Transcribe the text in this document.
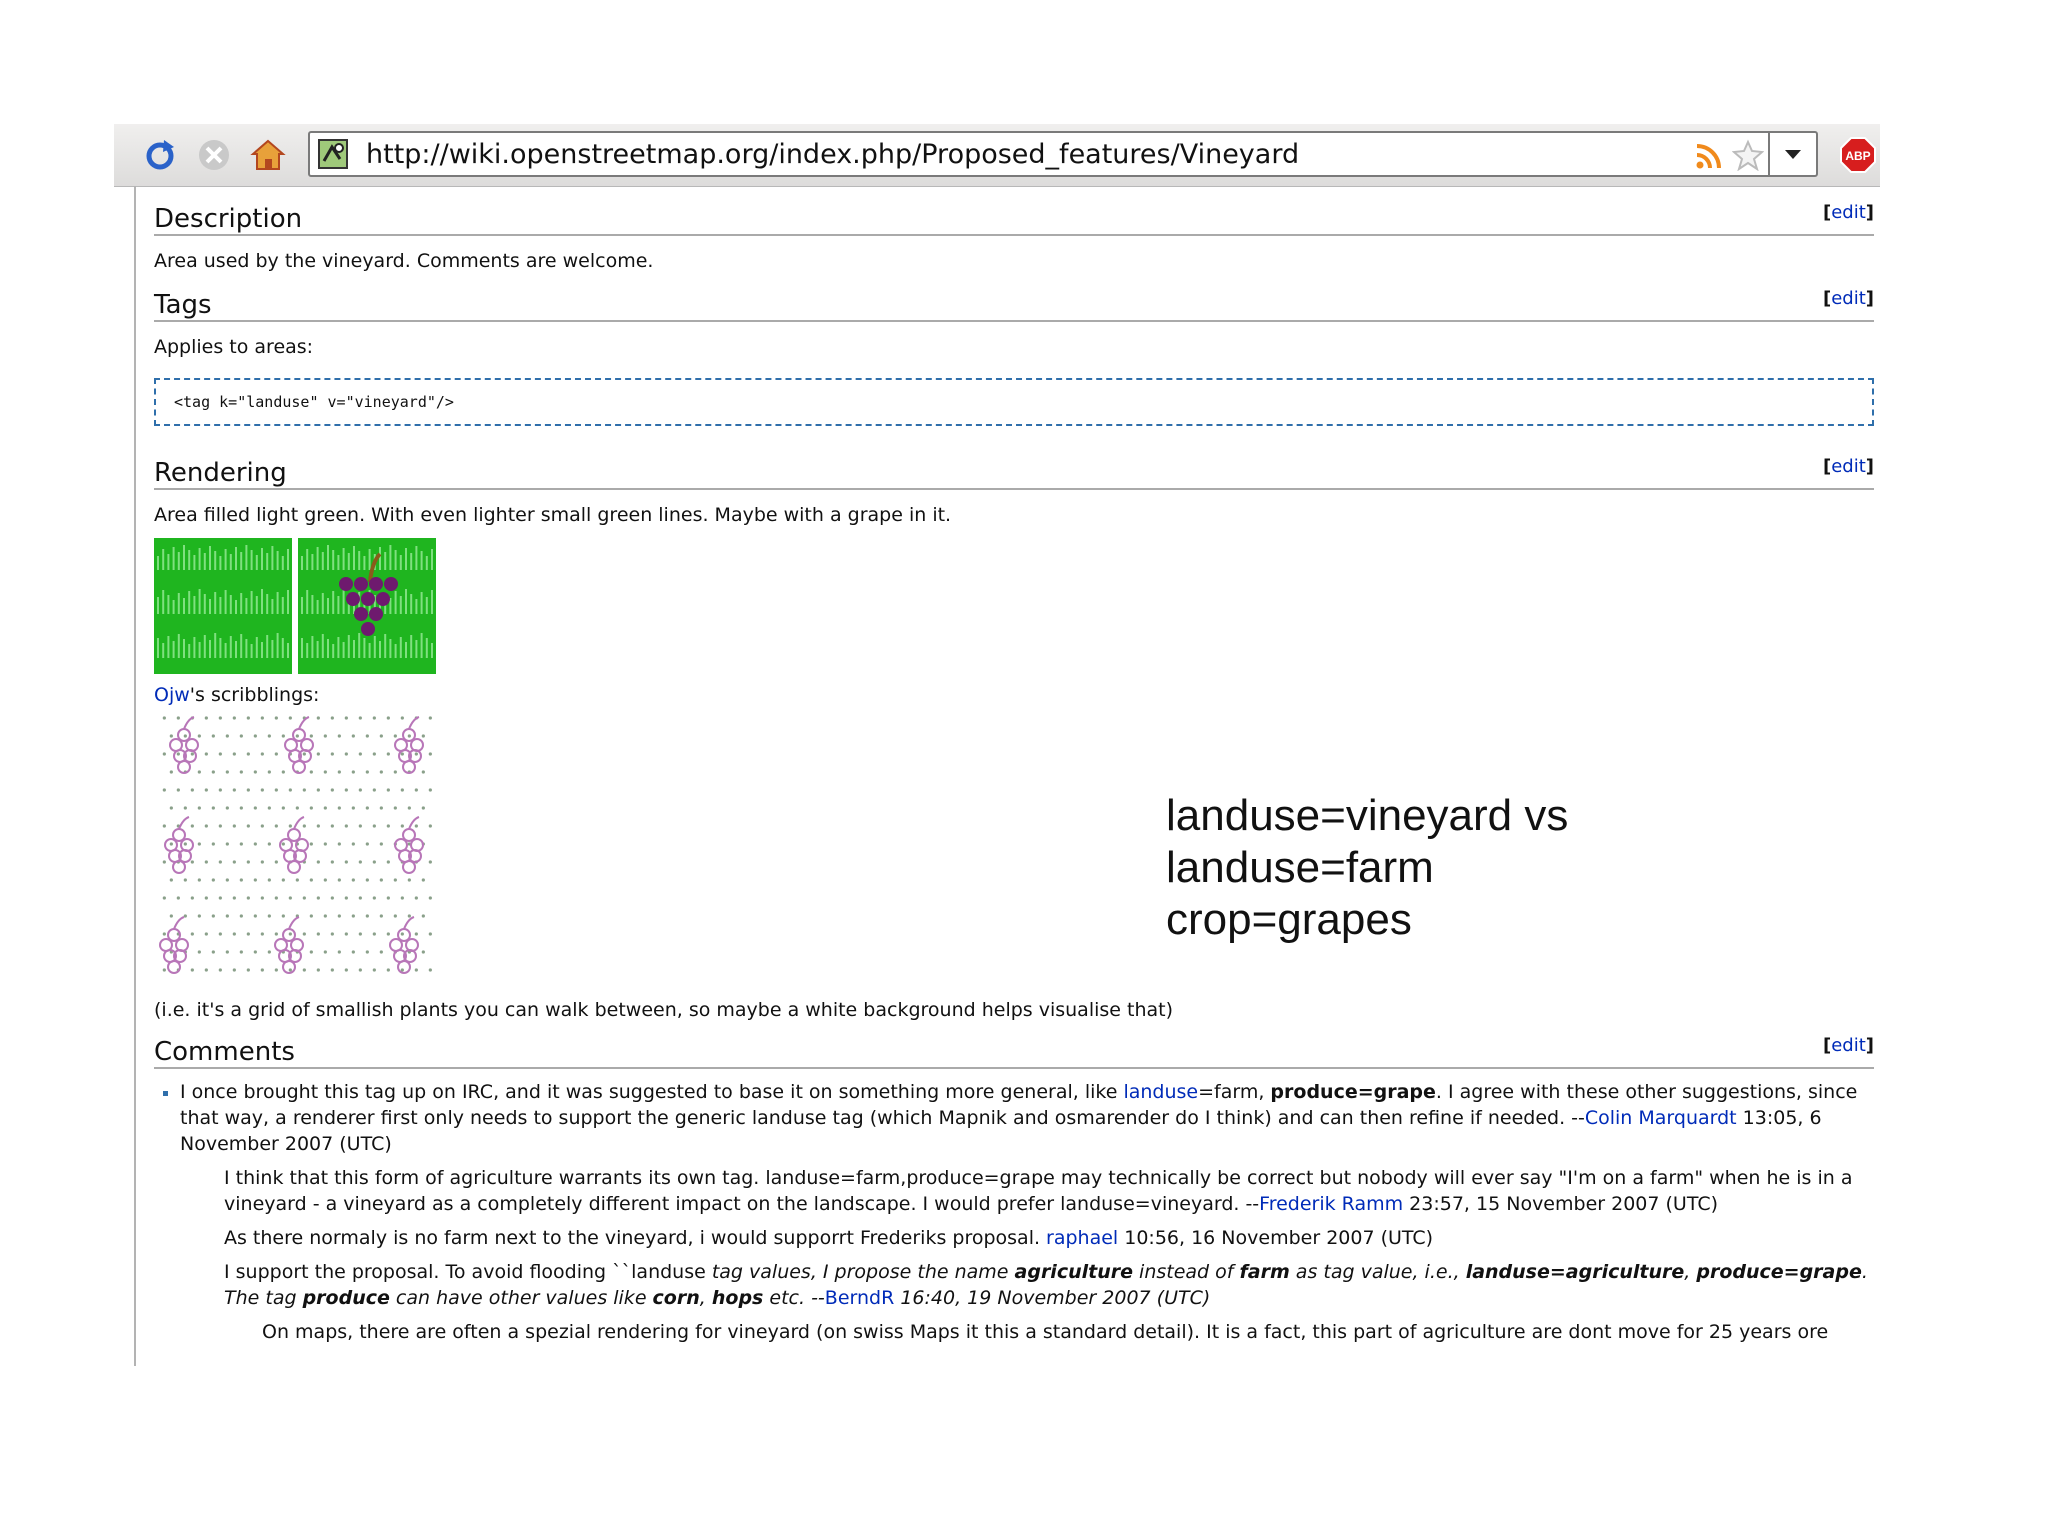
http://wiki.openstreetmap.org/index.php/Proposed_features/Vineyard	ABP
Description	[edit]

Area used by the vineyard. Comments are welcome.

Tags	[edit]

Applies to areas:

<tag k="landuse" v="vineyard"/>
Rendering	[edit]

Area filled light green. With even lighter small green lines. Maybe with a grape in it.

Ojw's scribblings:

(i.e. it's a grid of smallish plants you can walk between, so maybe a white background helps visualise that)

Comments	[edit]
I once brought this tag up on IRC, and it was suggested to base it on something more general, like landuse=farm, produce=grape. I agree with these other suggestions, since that way, a renderer first only needs to support the generic landuse tag (which Mapnik and osmarender do I think) and can then refine if needed. --Colin Marquardt 13:05, 6 November 2007 (UTC)

I think that this form of agriculture warrants its own tag. landuse=farm,produce=grape may technically be correct but nobody will ever say "I'm on a farm" when he is in a vineyard - a vineyard as a completely different impact on the landscape. I would prefer landuse=vineyard. --Frederik Ramm 23:57, 15 November 2007 (UTC)

As there normaly is no farm next to the vineyard, i would supporrt Frederiks proposal. raphael 10:56, 16 November 2007 (UTC)

I support the proposal. To avoid flooding ``landuse tag values, I propose the name agriculture instead of farm as tag value, i.e., landuse=agriculture, produce=grape. The tag produce can have other values like corn, hops etc. --BerndR 16:40, 19 November 2007 (UTC)

On maps, there are often a spezial rendering for vineyard (on swiss Maps it this a standard detail). It is a fact, this part of agriculture are dont move for 25 years ore
landuse=vineyard vs
landuse=farm
crop=grapes
